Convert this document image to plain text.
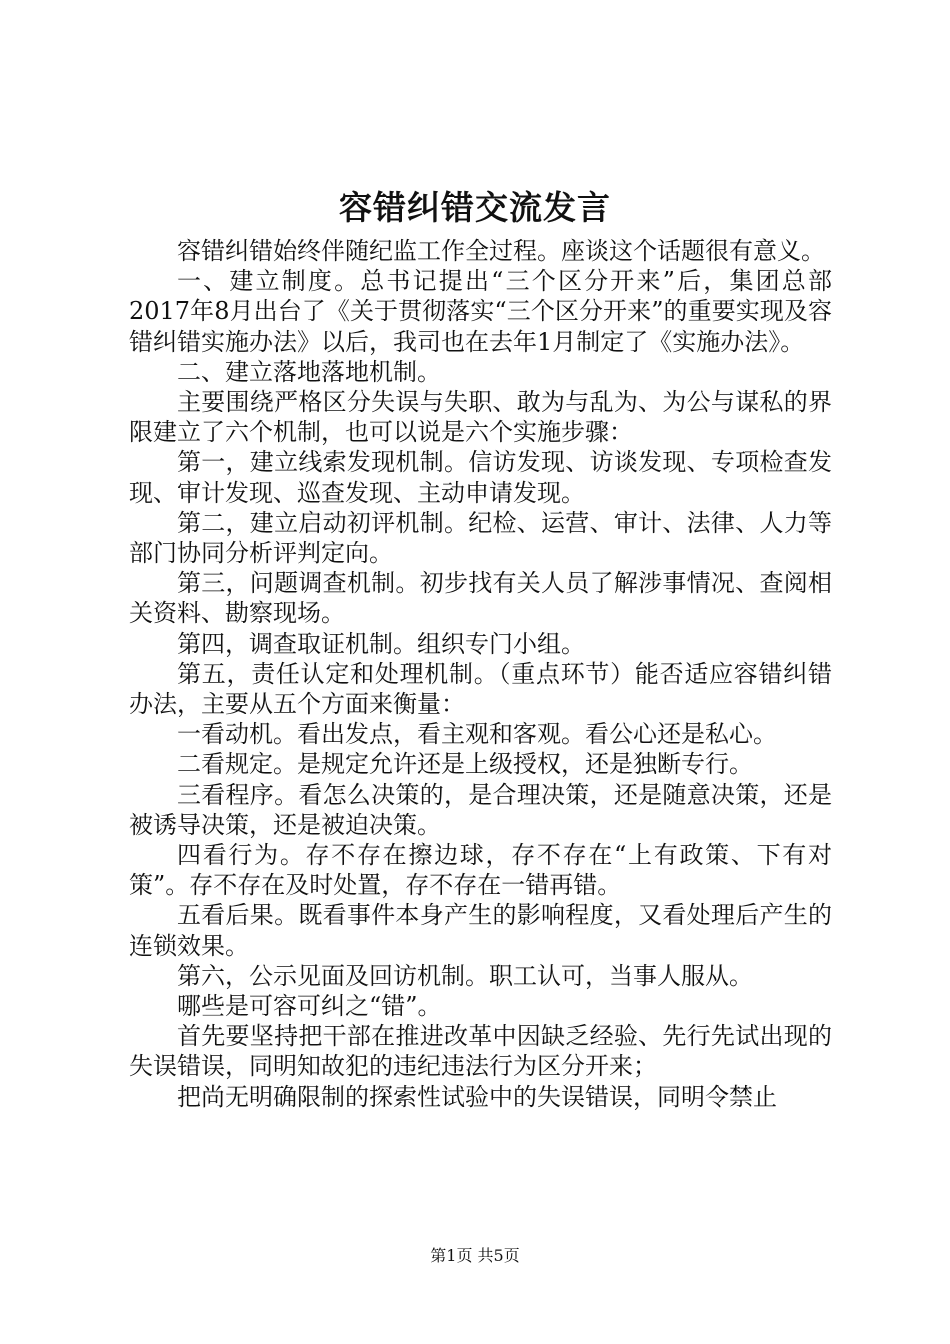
容错纠错交流发言

容错纠错始终伴随纪监工作全过程。座谈这个话题很有意义。

一、建立制度。总书记提出“三个区分开来”后，集团总部2017年8月出台了《关于贯彻落实“三个区分开来”的重要实现及容错纠错实施办法》以后，我司也在去年1月制定了《实施办法》。

二、建立落地落地机制。

主要围绕严格区分失误与失职、敢为与乱为、为公与谋私的界限建立了六个机制，也可以说是六个实施步骤：

第一，建立线索发现机制。信访发现、访谈发现、专项检查发现、审计发现、巡查发现、主动申请发现。

第二，建立启动初评机制。纪检、运营、审计、法律、人力等部门协同分析评判定向。

第三，问题调查机制。初步找有关人员了解涉事情况、查阅相关资料、勘察现场。

第四，调查取证机制。组织专门小组。

第五，责任认定和处理机制。（重点环节）能否适应容错纠错办法，主要从五个方面来衡量：

一看动机。看出发点，看主观和客观。看公心还是私心。

二看规定。是规定允许还是上级授权，还是独断专行。

三看程序。看怎么决策的，是合理决策，还是随意决策，还是被诱导决策，还是被迫决策。

四看行为。存不存在擦边球，存不存在“上有政策、下有对策”。存不存在及时处置，存不存在一错再错。

五看后果。既看事件本身产生的影响程度，又看处理后产生的连锁效果。

第六，公示见面及回访机制。职工认可，当事人服从。

哪些是可容可纠之“错”。

首先要坚持把干部在推进改革中因缺乏经验、先行先试出现的失误错误，同明知故犯的违纪违法行为区分开来；

把尚无明确限制的探索性试验中的失误错误，同明令禁止

第1页 共5页
